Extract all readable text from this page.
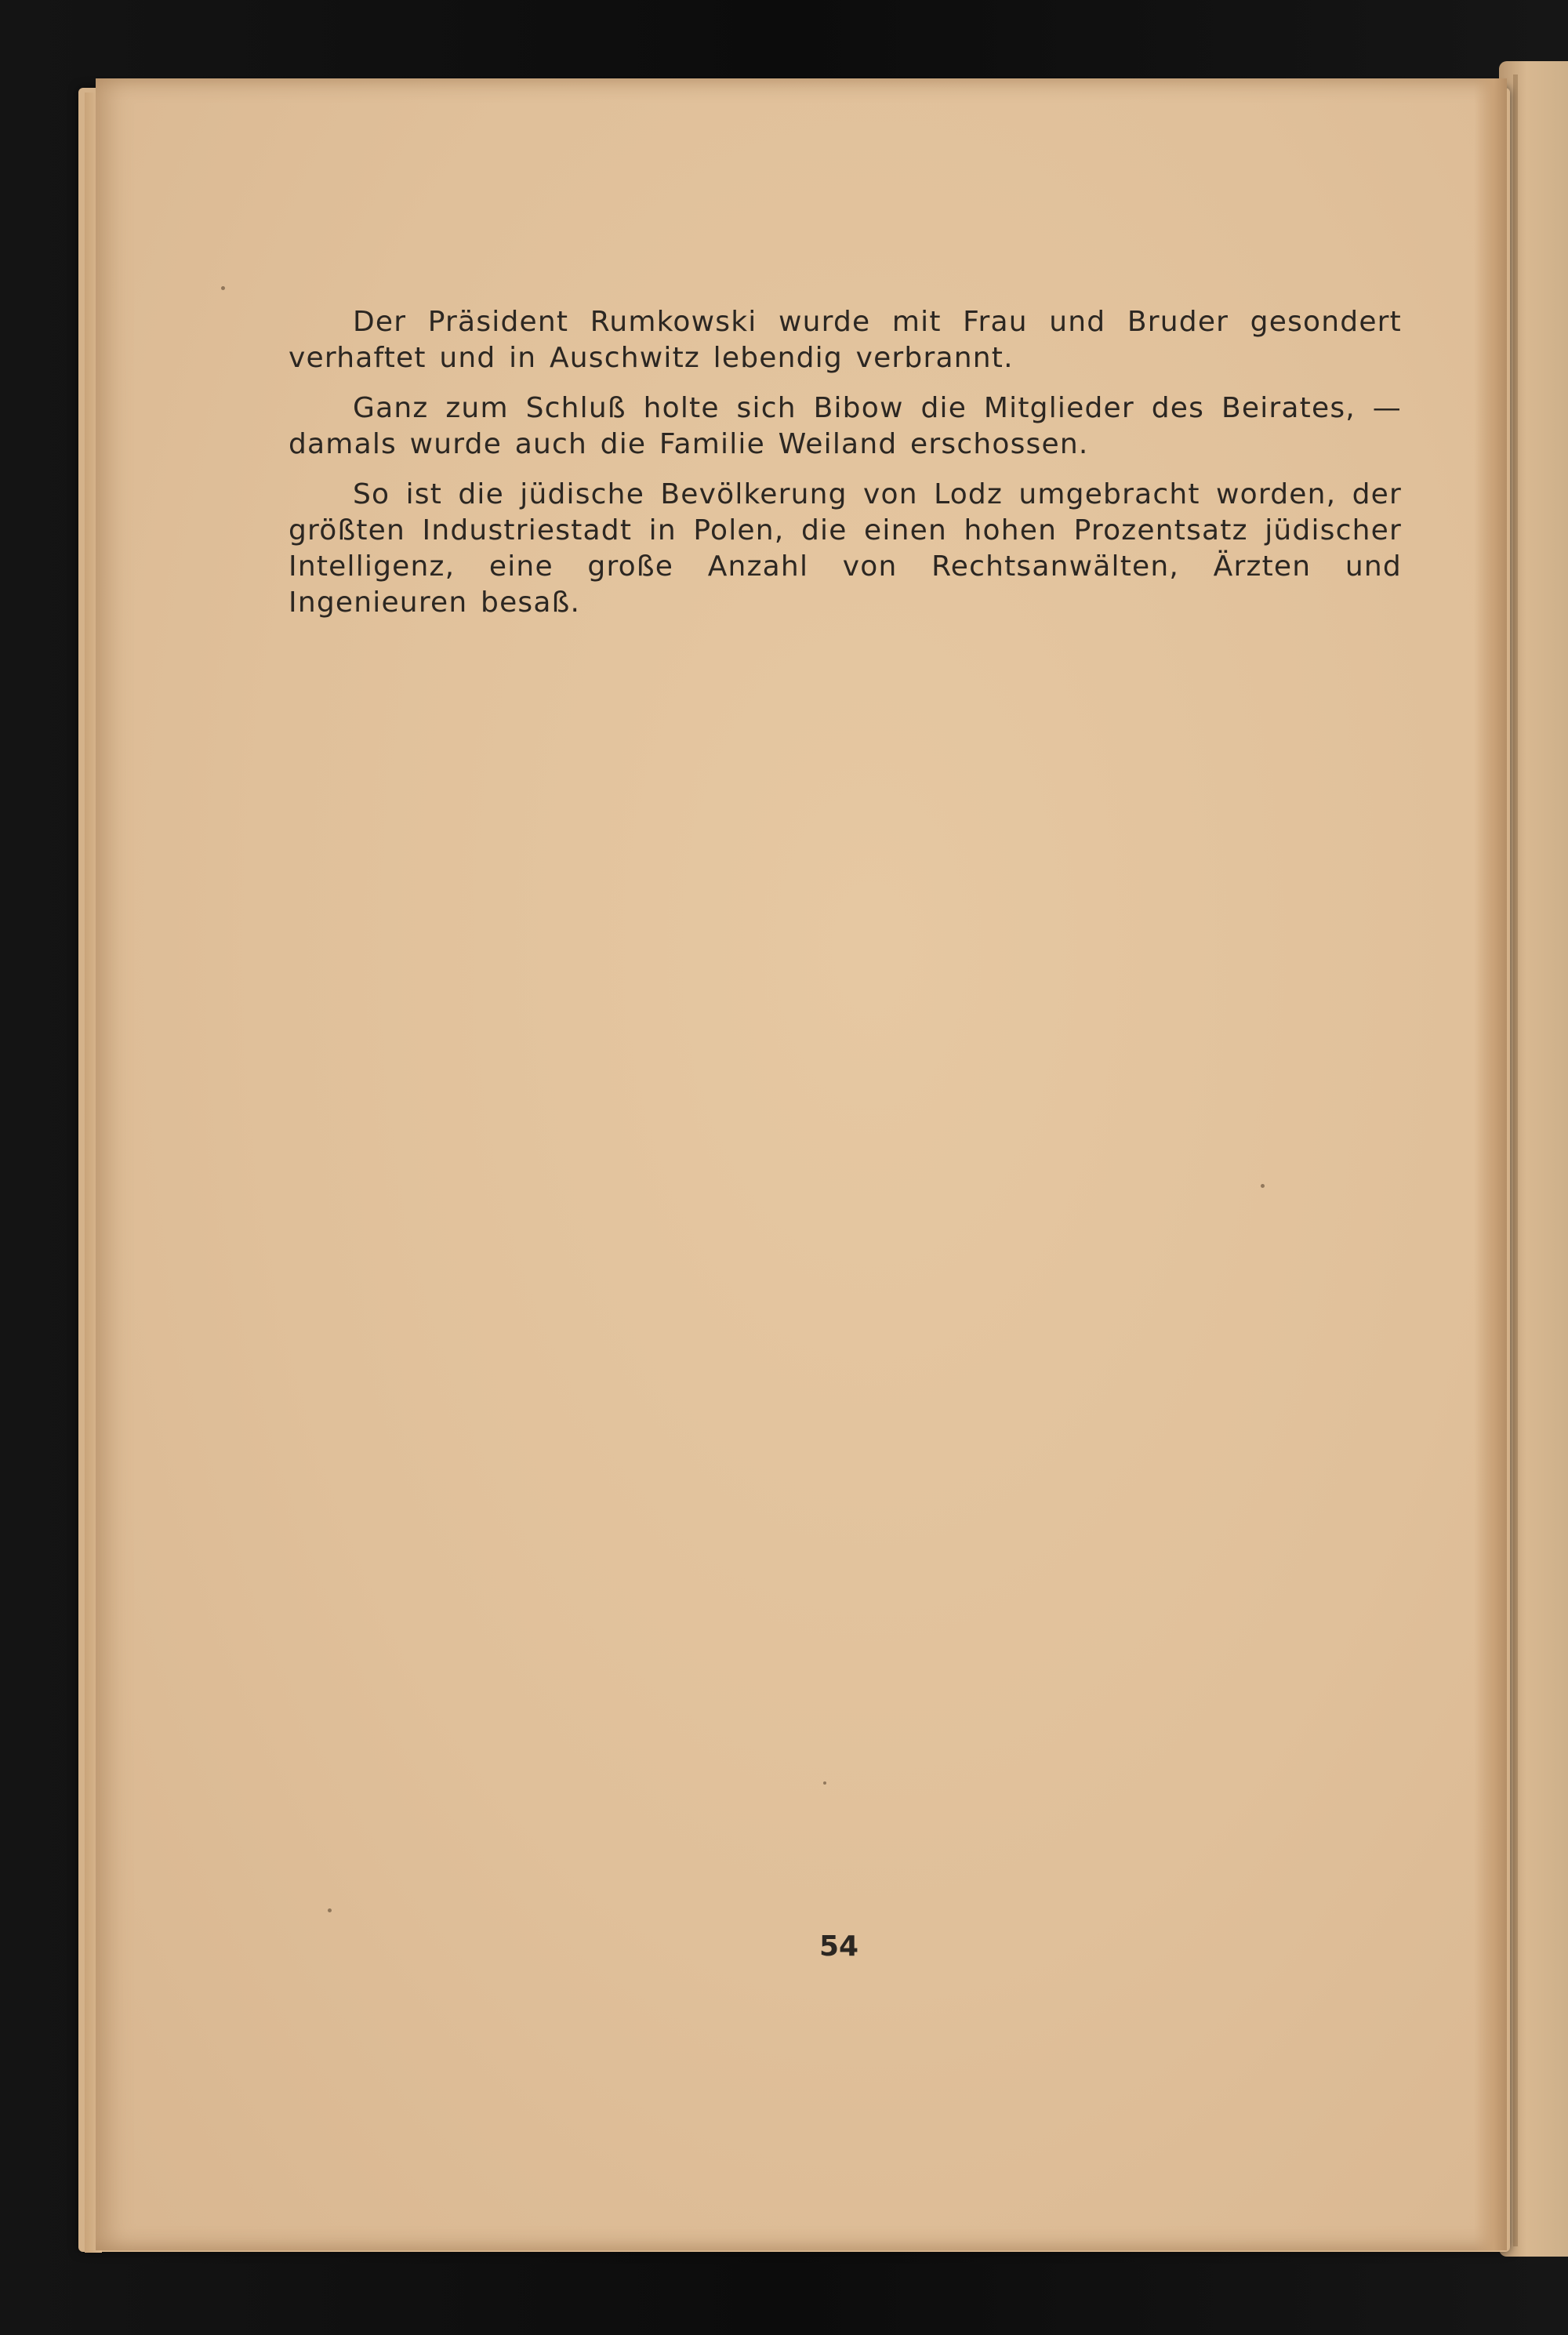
Der Präsident Rumkowski wurde mit Frau und Bruder gesondert verhaftet und in Auschwitz lebendig verbrannt.

Ganz zum Schluß holte sich Bibow die Mitglieder des Beirates, — damals wurde auch die Familie Weiland erschossen.

So ist die jüdische Bevölkerung von Lodz umgebracht worden, der größten Industriestadt in Polen, die einen hohen Prozentsatz jüdischer Intelligenz, eine große Anzahl von Rechtsanwälten, Ärzten und Ingenieuren besaß.

54
